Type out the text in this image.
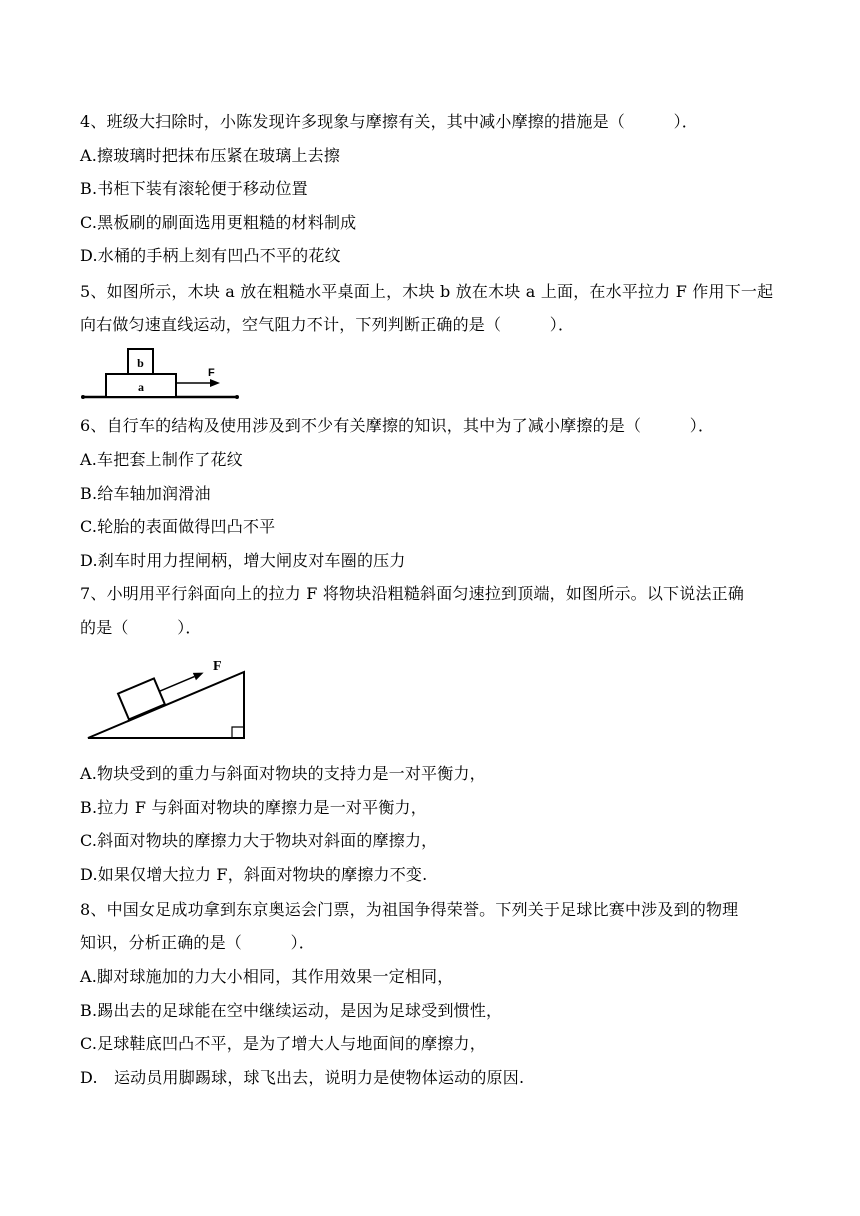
4、班级大扫除时，小陈发现许多现象与摩擦有关，其中减小摩擦的措施是（　　　）．
A.擦玻璃时把抹布压紧在玻璃上去擦
B.书柜下装有滚轮便于移动位置
C.黑板刷的刷面选用更粗糙的材料制成
D.水桶的手柄上刻有凹凸不平的花纹
5、如图所示，木块 a 放在粗糙水平桌面上，木块 b 放在木块 a 上面，在水平拉力 F 作用下一起
向右做匀速直线运动，空气阻力不计，下列判断正确的是（　　　）．
b
a
F
6、自行车的结构及使用涉及到不少有关摩擦的知识，其中为了减小摩擦的是（　　　）．
A.车把套上制作了花纹
B.给车轴加润滑油
C.轮胎的表面做得凹凸不平
D.刹车时用力捏闸柄，增大闸皮对车圈的压力
7、小明用平行斜面向上的拉力 F 将物块沿粗糙斜面匀速拉到顶端，如图所示。以下说法正确
的是（　　　）．
F
A.物块受到的重力与斜面对物块的支持力是一对平衡力，
B.拉力 F 与斜面对物块的摩擦力是一对平衡力，
C.斜面对物块的摩擦力大于物块对斜面的摩擦力，
D.如果仅增大拉力 F，斜面对物块的摩擦力不变.
8、中国女足成功拿到东京奥运会门票，为祖国争得荣誉。下列关于足球比赛中涉及到的物理
知识，分析正确的是（　　　）．
A.脚对球施加的力大小相同，其作用效果一定相同，
B.踢出去的足球能在空中继续运动，是因为足球受到惯性，
C.足球鞋底凹凸不平，是为了增大人与地面间的摩擦力，
D.　运动员用脚踢球，球飞出去，说明力是使物体运动的原因.
